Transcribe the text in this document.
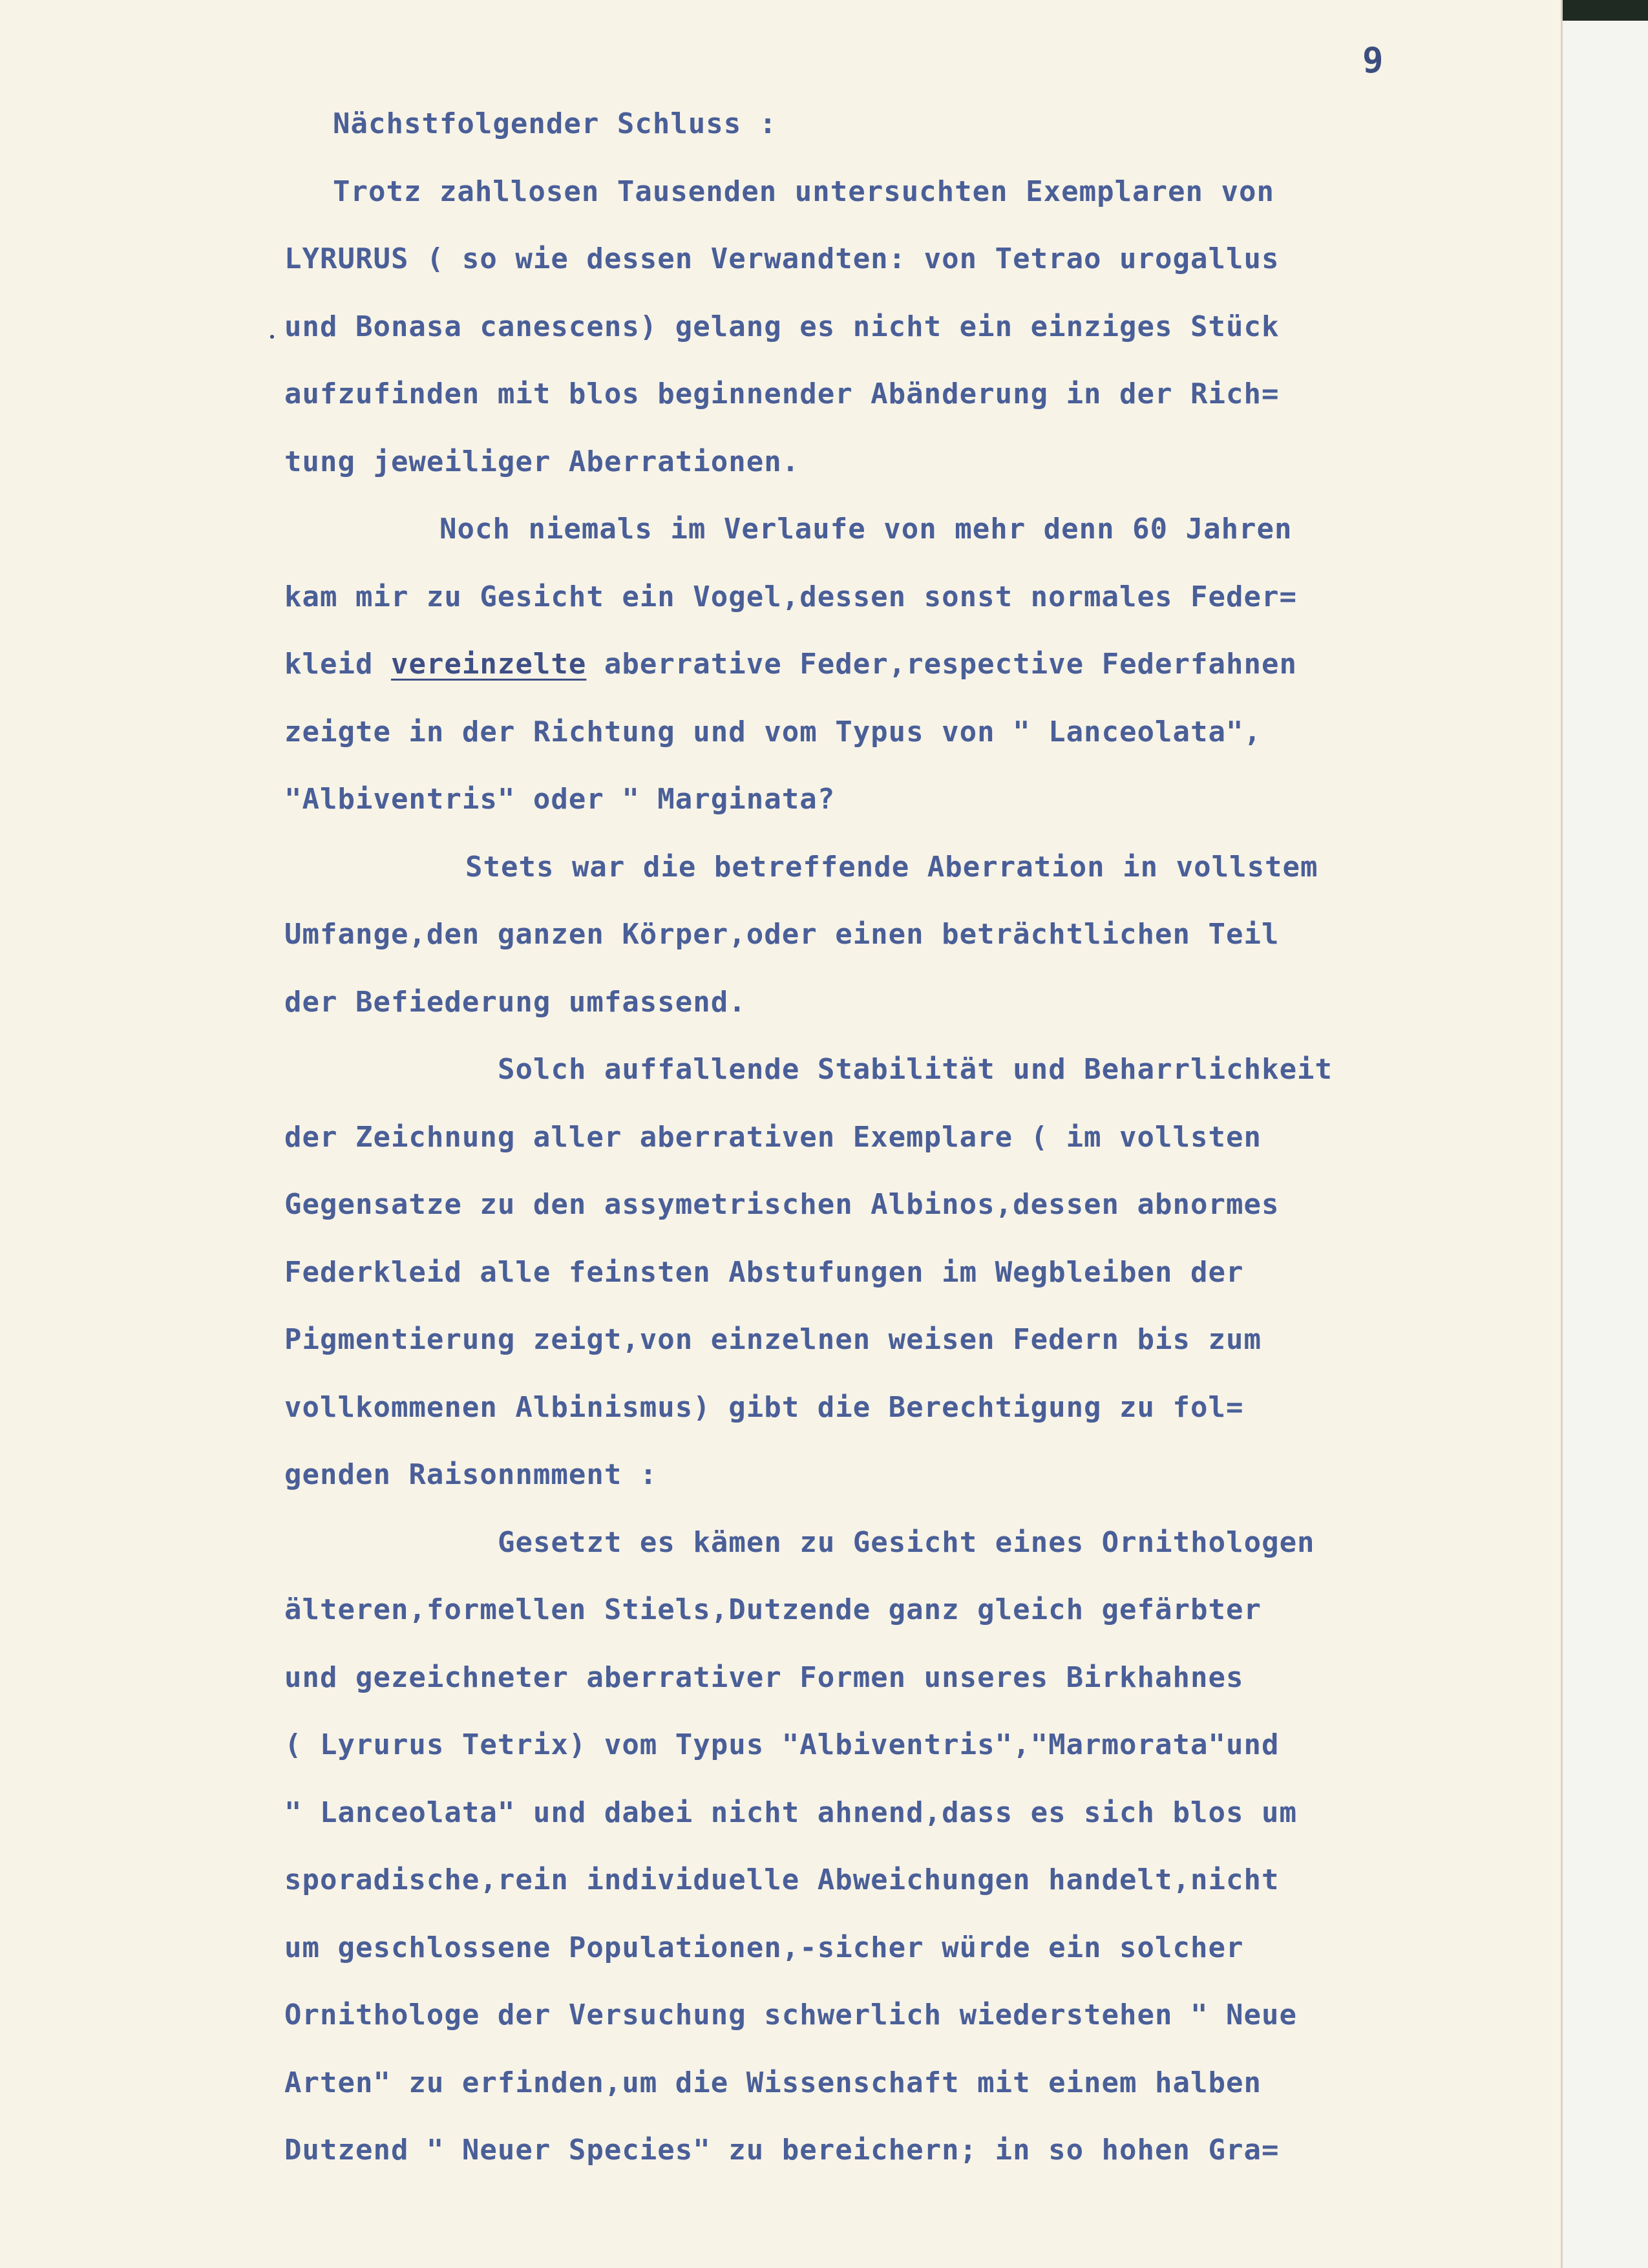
9
Nächstfolgender Schluss :
Trotz zahllosen Tausenden untersuchten Exemplaren von
LYRURUS ( so wie dessen Verwandten: von Tetrao urogallus
und Bonasa canescens) gelang es nicht ein einziges Stück
aufzufinden mit blos beginnender Abänderung in der Rich=
tung jeweiliger Aberrationen.
Noch niemals im Verlaufe von mehr denn 60 Jahren
kam mir zu Gesicht ein Vogel,dessen sonst normales Feder=
kleid vereinzelte aberrative Feder,respective Federfahnen
zeigte in der Richtung und vom Typus von " Lanceolata",
"Albiventris" oder " Marginata?
Stets war die betreffende Aberration in vollstem
Umfange,den ganzen Körper,oder einen beträchtlichen Teil
der Befiederung umfassend.
Solch auffallende Stabilität und Beharrlichkeit
der Zeichnung aller aberrativen Exemplare ( im vollsten
Gegensatze zu den assymetrischen Albinos,dessen abnormes
Federkleid alle feinsten Abstufungen im Wegbleiben der
Pigmentierung zeigt,von einzelnen weisen Federn bis zum
vollkommenen Albinismus) gibt die Berechtigung zu fol=
genden Raisonnmment :
Gesetzt es kämen zu Gesicht eines Ornithologen
älteren,formellen Stiels,Dutzende ganz gleich gefärbter
und gezeichneter aberrativer Formen unseres Birkhahnes
( Lyrurus Tetrix) vom Typus "Albiventris","Marmorata"und
" Lanceolata" und dabei nicht ahnend,dass es sich blos um
sporadische,rein individuelle Abweichungen handelt,nicht
um geschlossene Populationen,-sicher würde ein solcher
Ornithologe der Versuchung schwerlich wiederstehen " Neue
Arten" zu erfinden,um die Wissenschaft mit einem halben
Dutzend " Neuer Species" zu bereichern; in so hohen Gra=
